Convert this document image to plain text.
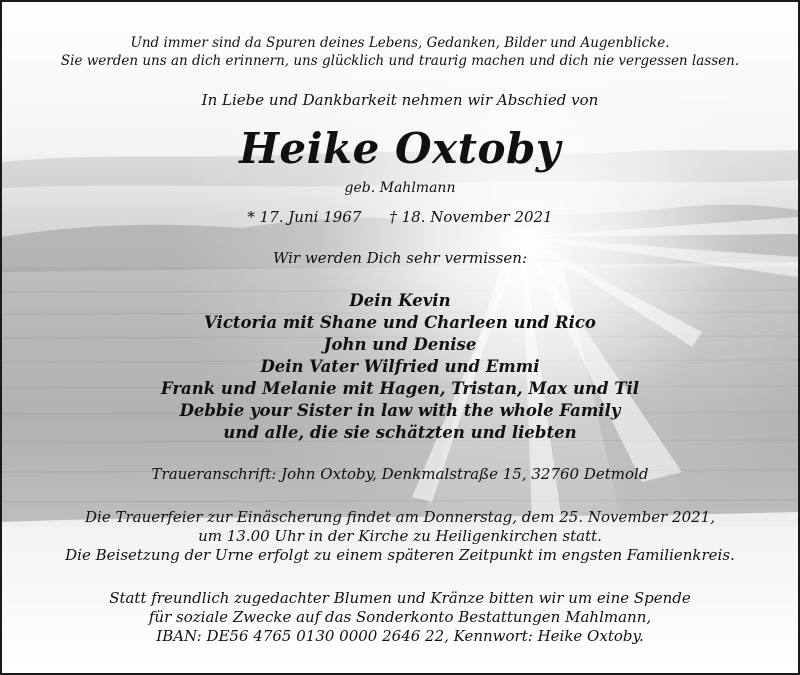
Und immer sind da Spuren deines Lebens, Gedanken, Bilder und Augenblicke.
Sie werden uns an dich erinnern, uns glücklich und traurig machen und dich nie vergessen lassen.
In Liebe und Dankbarkeit nehmen wir Abschied von
Heike Oxtoby
geb. Mahlmann
* 17. Juni 1967 † 18. November 2021
Wir werden Dich sehr vermissen:
Dein Kevin
Victoria mit Shane und Charleen und Rico
John und Denise
Dein Vater Wilfried und Emmi
Frank und Melanie mit Hagen, Tristan, Max und Til
Debbie your Sister in law with the whole Family
und alle, die sie schätzten und liebten
Traueranschrift: John Oxtoby, Denkmalstraße 15, 32760 Detmold
Die Trauerfeier zur Einäscherung findet am Donnerstag, dem 25. November 2021,
um 13.00 Uhr in der Kirche zu Heiligenkirchen statt.
Die Beisetzung der Urne erfolgt zu einem späteren Zeitpunkt im engsten Familienkreis.
Statt freundlich zugedachter Blumen und Kränze bitten wir um eine Spende
für soziale Zwecke auf das Sonderkonto Bestattungen Mahlmann,
IBAN: DE56 4765 0130 0000 2646 22, Kennwort: Heike Oxtoby.
